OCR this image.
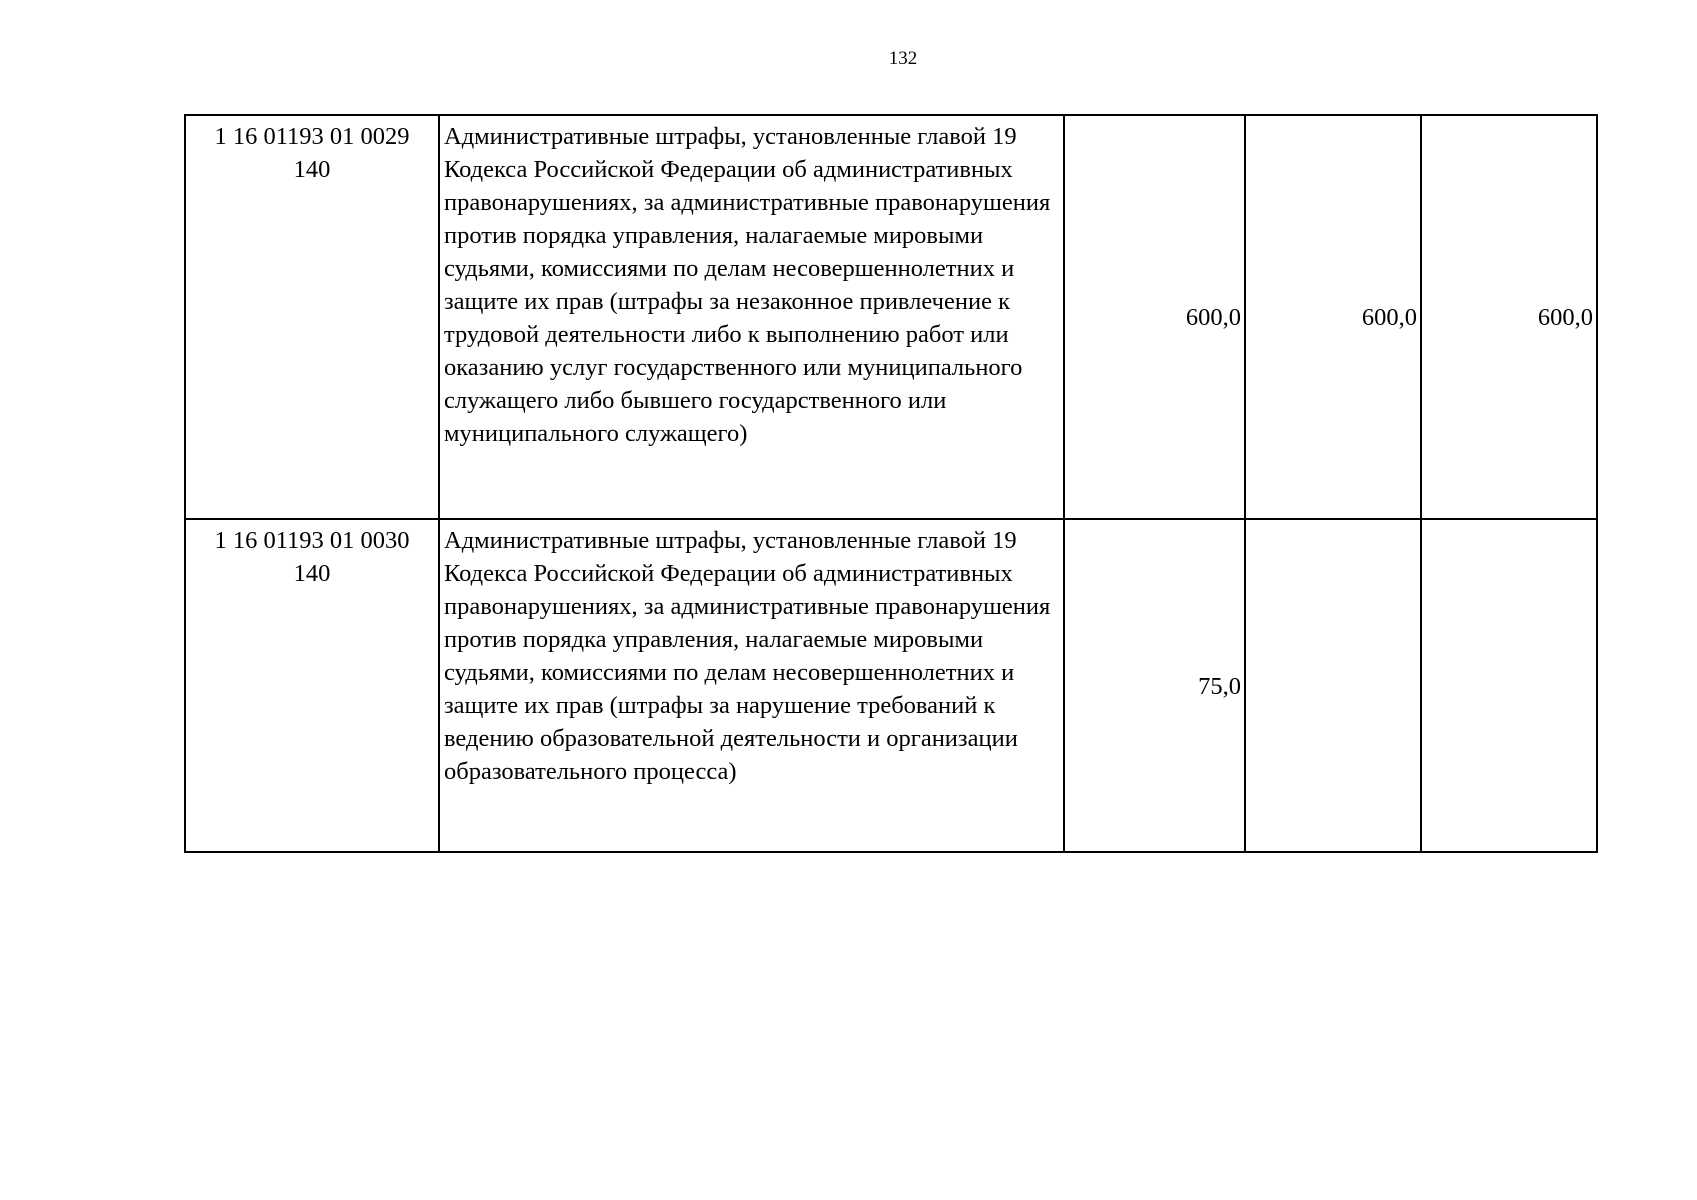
132
1 16 01193 01 0029
140	Административные штрафы, установленные главой 19 Кодекса Российской Федерации об административных правонарушениях, за административные правонарушения против порядка управления, налагаемые мировыми судьями, комиссиями по делам несовершеннолетних и защите их прав (штрафы за незаконное привлечение к трудовой деятельности либо к выполнению работ или оказанию услуг государственного или муниципального служащего либо бывшего государственного или муниципального служащего)	600,0	600,0	600,0

1 16 01193 01 0030
140	Административные штрафы, установленные главой 19 Кодекса Российской Федерации об административных правонарушениях, за административные правонарушения против порядка управления, налагаемые мировыми судьями, комиссиями по делам несовершеннолетних и защите их прав (штрафы за нарушение требований к ведению образовательной деятельности и организации образовательного процесса)	75,0		
